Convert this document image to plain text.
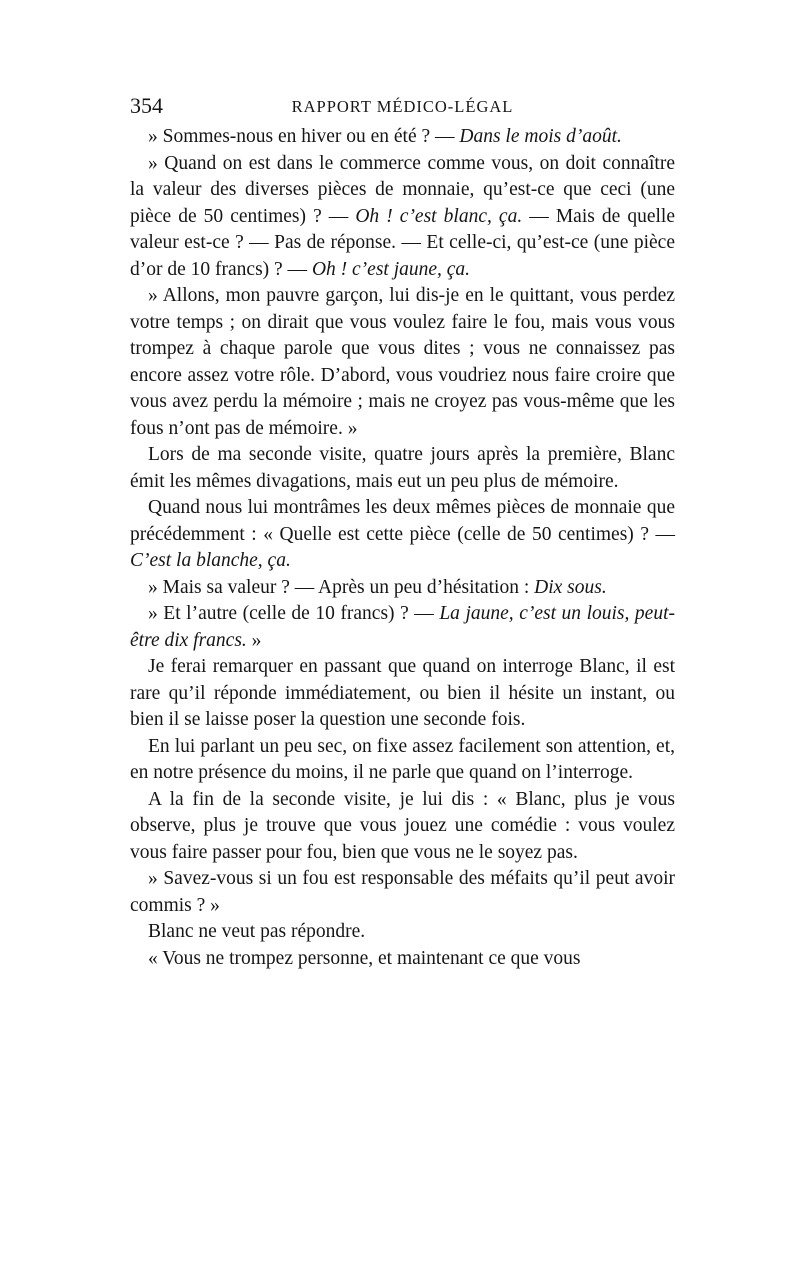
354	RAPPORT MÉDICO-LÉGAL

» Sommes-nous en hiver ou en été ? — Dans le mois d’août.

» Quand on est dans le commerce comme vous, on doit connaître la valeur des diverses pièces de monnaie, qu’est-ce que ceci (une pièce de 50 centimes) ? — Oh ! c’est blanc, ça. — Mais de quelle valeur est-ce ? — Pas de réponse. — Et celle-ci, qu’est-ce (une pièce d’or de 10 francs) ? — Oh ! c’est jaune, ça.

» Allons, mon pauvre garçon, lui dis-je en le quittant, vous perdez votre temps ; on dirait que vous voulez faire le fou, mais vous vous trompez à chaque parole que vous dites ; vous ne connaissez pas encore assez votre rôle. D’abord, vous voudriez nous faire croire que vous avez perdu la mémoire ; mais ne croyez pas vous-même que les fous n’ont pas de mémoire. »

Lors de ma seconde visite, quatre jours après la première, Blanc émit les mêmes divagations, mais eut un peu plus de mémoire.

Quand nous lui montrâmes les deux mêmes pièces de monnaie que précédemment : « Quelle est cette pièce (celle de 50 centimes) ? — C’est la blanche, ça.

» Mais sa valeur ? — Après un peu d’hésitation : Dix sous.

» Et l’autre (celle de 10 francs) ? — La jaune, c’est un louis, peut-être dix francs. »

Je ferai remarquer en passant que quand on interroge Blanc, il est rare qu’il réponde immédiatement, ou bien il hésite un instant, ou bien il se laisse poser la question une seconde fois.

En lui parlant un peu sec, on fixe assez facilement son attention, et, en notre présence du moins, il ne parle que quand on l’interroge.

A la fin de la seconde visite, je lui dis : « Blanc, plus je vous observe, plus je trouve que vous jouez une comédie : vous voulez vous faire passer pour fou, bien que vous ne le soyez pas.

» Savez-vous si un fou est responsable des méfaits qu’il peut avoir commis ? »

Blanc ne veut pas répondre.

« Vous ne trompez personne, et maintenant ce que vous
